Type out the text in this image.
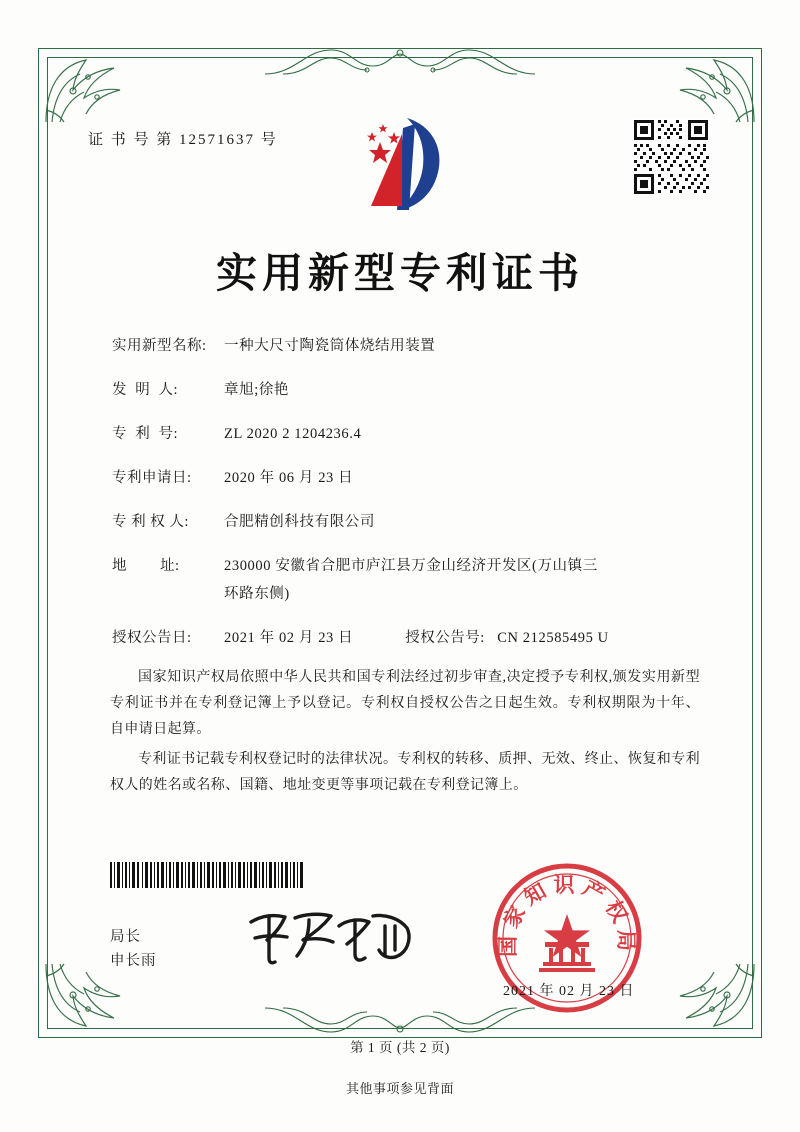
证 书 号 第 12571637 号
实用新型专利证书
实用新型名称:	一种大尺寸陶瓷筒体烧结用装置
发  明  人:	章旭;徐艳
专  利  号:	ZL 2020 2 1204236.4
专利申请日:	2020 年 06 月 23 日
专 利 权 人:	合肥精创科技有限公司
地        址:	230000 安徽省合肥市庐江县万金山经济开发区(万山镇三
环路东侧)
授权公告日:	2021 年 02 月 23 日	授权公告号: CN 212585495 U

国家知识产权局依照中华人民共和国专利法经过初步审查,决定授予专利权,颁发实用新型专利证书并在专利登记簿上予以登记。专利权自授权公告之日起生效。专利权期限为十年、自申请日起算。

专利证书记载专利权登记时的法律状况。专利权的转移、质押、无效、终止、恢复和专利权人的姓名或名称、国籍、地址变更等事项记载在专利登记簿上。

局长
申长雨
国家知识产权局
2021 年 02 月 23 日
第 1 页 (共 2 页)
其他事项参见背面
